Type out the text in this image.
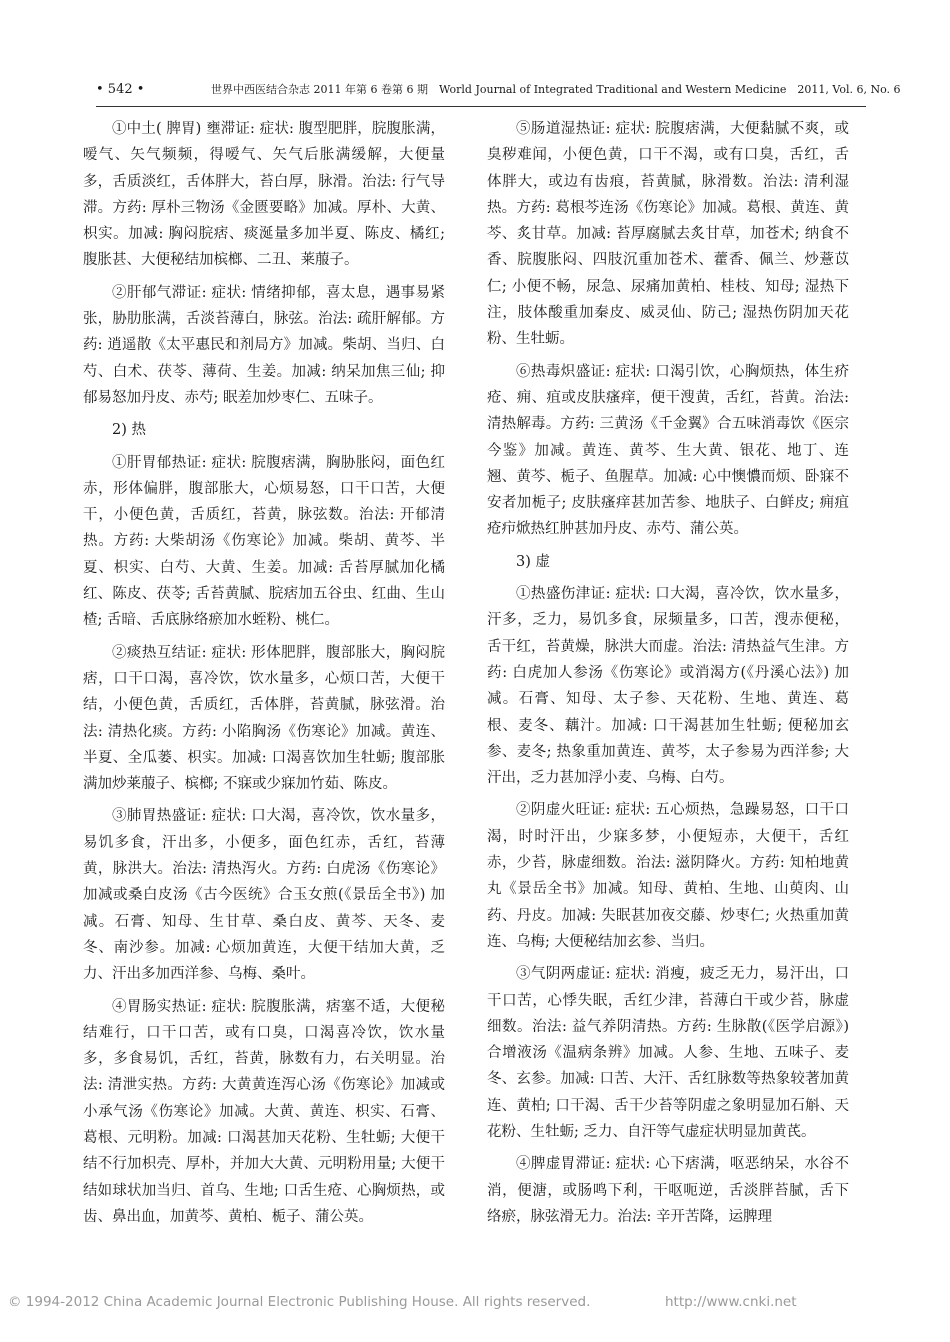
• 542 •	世界中西医结合杂志 2011 年第 6 卷第 6 期　World Journal of Integrated Traditional and Western Medicine　2011, Vol. 6, No. 6

①中土( 脾胃) 壅滞证: 症状: 腹型肥胖，脘腹胀满，嗳气、矢气频频，得嗳气、矢气后胀满缓解，大便量多，舌质淡红，舌体胖大，苔白厚，脉滑。治法: 行气导滞。方药: 厚朴三物汤《金匮要略》加减。厚朴、大黄、枳实。加减: 胸闷脘痞、痰涎量多加半夏、陈皮、橘红; 腹胀甚、大便秘结加槟榔、二丑、莱菔子。

②肝郁气滞证: 症状: 情绪抑郁，喜太息，遇事易紧张，胁肋胀满，舌淡苔薄白，脉弦。治法: 疏肝解郁。方药: 逍遥散《太平惠民和剂局方》加减。柴胡、当归、白芍、白术、茯苓、薄荷、生姜。加减: 纳呆加焦三仙; 抑郁易怒加丹皮、赤芍; 眠差加炒枣仁、五味子。

2) 热

①肝胃郁热证: 症状: 脘腹痞满，胸胁胀闷，面色红赤，形体偏胖，腹部胀大，心烦易怒，口干口苦，大便干，小便色黄，舌质红，苔黄，脉弦数。治法: 开郁清热。方药: 大柴胡汤《伤寒论》加减。柴胡、黄芩、半夏、枳实、白芍、大黄、生姜。加减: 舌苔厚腻加化橘红、陈皮、茯苓; 舌苔黄腻、脘痞加五谷虫、红曲、生山楂; 舌暗、舌底脉络瘀加水蛭粉、桃仁。

②痰热互结证: 症状: 形体肥胖，腹部胀大，胸闷脘痞，口干口渴，喜冷饮，饮水量多，心烦口苦，大便干结，小便色黄，舌质红，舌体胖，苔黄腻，脉弦滑。治法: 清热化痰。方药: 小陷胸汤《伤寒论》加减。黄连、半夏、全瓜蒌、枳实。加减: 口渴喜饮加生牡蛎; 腹部胀满加炒莱菔子、槟榔; 不寐或少寐加竹茹、陈皮。

③肺胃热盛证: 症状: 口大渴，喜冷饮，饮水量多，易饥多食，汗出多，小便多，面色红赤，舌红，苔薄黄，脉洪大。治法: 清热泻火。方药: 白虎汤《伤寒论》加减或桑白皮汤《古今医统》合玉女煎(《景岳全书》) 加减。石膏、知母、生甘草、桑白皮、黄芩、天冬、麦冬、南沙参。加减: 心烦加黄连，大便干结加大黄，乏力、汗出多加西洋参、乌梅、桑叶。

④胃肠实热证: 症状: 脘腹胀满，痞塞不适，大便秘结难行，口干口苦，或有口臭，口渴喜冷饮，饮水量多，多食易饥，舌红，苔黄，脉数有力，右关明显。治法: 清泄实热。方药: 大黄黄连泻心汤《伤寒论》加减或小承气汤《伤寒论》加减。大黄、黄连、枳实、石膏、葛根、元明粉。加减: 口渴甚加天花粉、生牡蛎; 大便干结不行加枳壳、厚朴，并加大大黄、元明粉用量; 大便干结如球状加当归、首乌、生地; 口舌生疮、心胸烦热，或齿、鼻出血，加黄芩、黄柏、栀子、蒲公英。

⑤肠道湿热证: 症状: 脘腹痞满，大便黏腻不爽，或臭秽难闻，小便色黄，口干不渴，或有口臭，舌红，舌体胖大，或边有齿痕，苔黄腻，脉滑数。治法: 清利湿热。方药: 葛根芩连汤《伤寒论》加减。葛根、黄连、黄芩、炙甘草。加减: 苔厚腐腻去炙甘草，加苍术; 纳食不香、脘腹胀闷、四肢沉重加苍术、藿香、佩兰、炒薏苡仁; 小便不畅，尿急、尿痛加黄柏、桂枝、知母; 湿热下注，肢体酸重加秦皮、威灵仙、防己; 湿热伤阴加天花粉、生牡蛎。

⑥热毒炽盛证: 症状: 口渴引饮，心胸烦热，体生疥疮、痈、疽或皮肤瘙痒，便干溲黄，舌红，苔黄。治法: 清热解毒。方药: 三黄汤《千金翼》合五味消毒饮《医宗今鉴》加减。黄连、黄芩、生大黄、银花、地丁、连翘、黄芩、栀子、鱼腥草。加减: 心中懊憹而烦、卧寐不安者加栀子; 皮肤瘙痒甚加苦参、地肤子、白鲜皮; 痈疽疮疖焮热红肿甚加丹皮、赤芍、蒲公英。

3) 虚

①热盛伤津证: 症状: 口大渴，喜冷饮，饮水量多，汗多，乏力，易饥多食，尿频量多，口苦，溲赤便秘，舌干红，苔黄燥，脉洪大而虚。治法: 清热益气生津。方药: 白虎加人参汤《伤寒论》或消渴方(《丹溪心法》) 加减。石膏、知母、太子参、天花粉、生地、黄连、葛根、麦冬、藕汁。加减: 口干渴甚加生牡蛎; 便秘加玄参、麦冬; 热象重加黄连、黄芩，太子参易为西洋参; 大汗出，乏力甚加浮小麦、乌梅、白芍。

②阴虚火旺证: 症状: 五心烦热，急躁易怒，口干口渴，时时汗出，少寐多梦，小便短赤，大便干，舌红赤，少苔，脉虚细数。治法: 滋阴降火。方药: 知柏地黄丸《景岳全书》加减。知母、黄柏、生地、山萸肉、山药、丹皮。加减: 失眠甚加夜交藤、炒枣仁; 火热重加黄连、乌梅; 大便秘结加玄参、当归。

③气阴两虚证: 症状: 消瘦，疲乏无力，易汗出，口干口苦，心悸失眠，舌红少津，苔薄白干或少苔，脉虚细数。治法: 益气养阴清热。方药: 生脉散(《医学启源》) 合增液汤《温病条辨》加减。人参、生地、五味子、麦冬、玄参。加减: 口苦、大汗、舌红脉数等热象较著加黄连、黄柏; 口干渴、舌干少苔等阴虚之象明显加石斛、天花粉、生牡蛎; 乏力、自汗等气虚症状明显加黄芪。

④脾虚胃滞证: 症状: 心下痞满，呕恶纳呆，水谷不消，便溏，或肠鸣下利，干呕呃逆，舌淡胖苔腻，舌下络瘀，脉弦滑无力。治法: 辛开苦降，运脾理

© 1994-2012 China Academic Journal Electronic Publishing House. All rights reserved.	http://www.cnki.net
